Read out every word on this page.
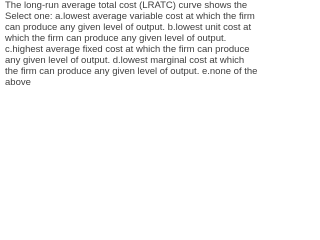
The long-run average total cost (LRATC) curve shows the Select one: a.lowest average variable cost at which the firm can produce any given level of output. b.lowest unit cost at which the firm can produce any given level of output. c.highest average fixed cost at which the firm can produce any given level of output. d.lowest marginal cost at which the firm can produce any given level of output. e.none of the above
